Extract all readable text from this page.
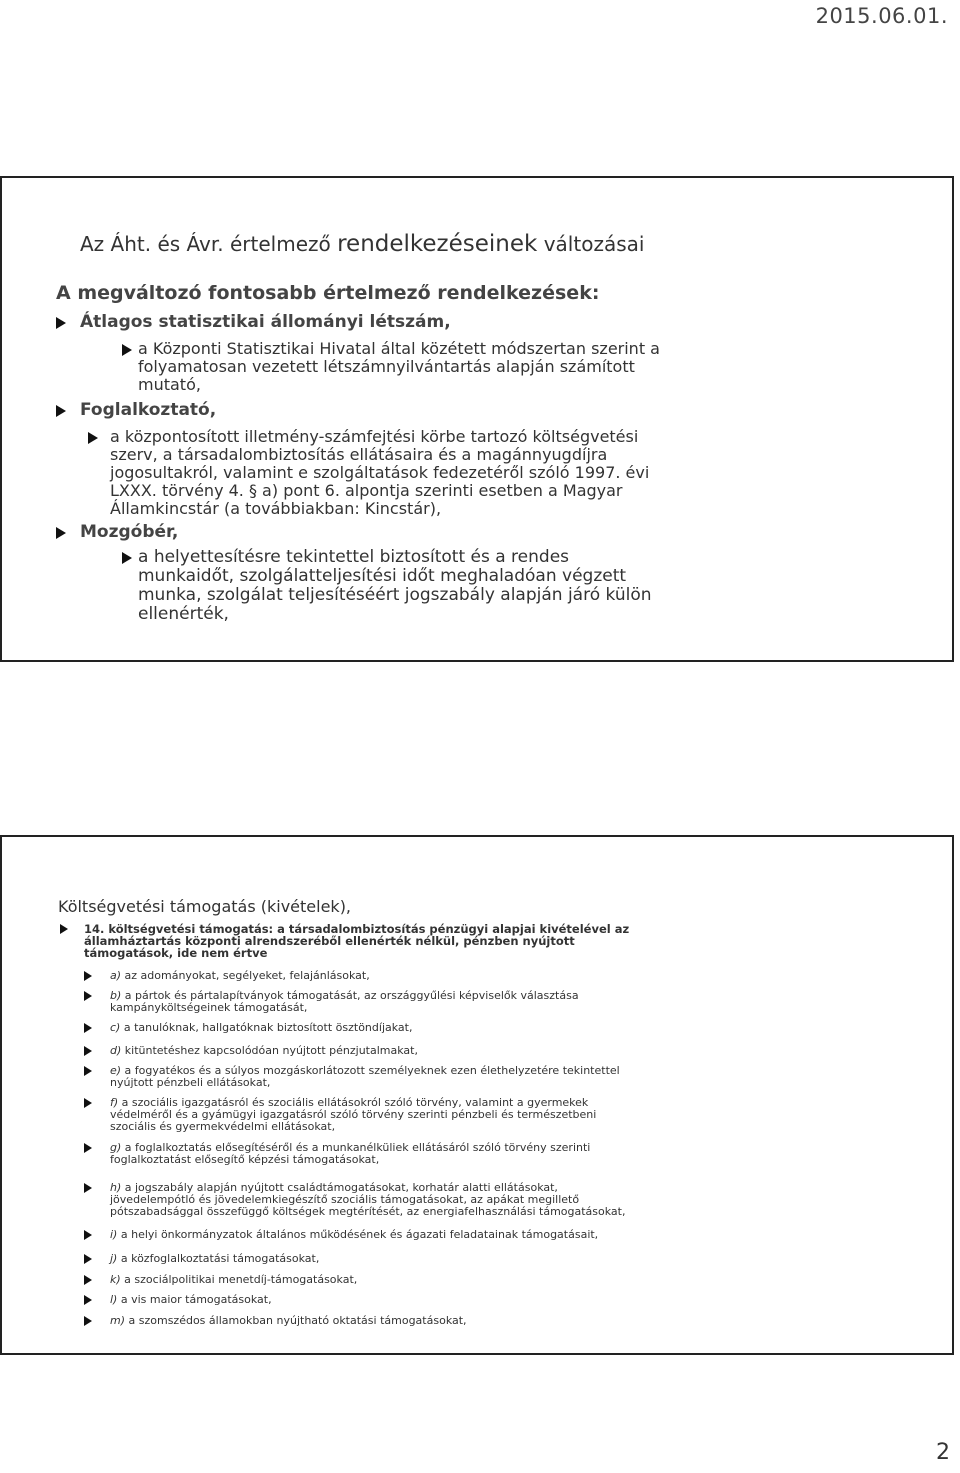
2015.06.01.
Az Áht. és Ávr. értelmező rendelkezéseinek változásai
A megváltozó fontosabb értelmező rendelkezések:
Átlagos statisztikai állományi létszám,
a Központi Statisztikai Hivatal által közétett módszertan szerint a folyamatosan vezetett létszámnyilvántartás alapján számított mutató,
Foglalkoztató,
a központosított illetmény-számfejtési körbe tartozó költségvetési szerv, a társadalombiztosítás ellátásaira és a magánnyugdíjra jogosultakról, valamint e szolgáltatások fedezetéről szóló 1997. évi LXXX. törvény 4. § a) pont 6. alpontja szerinti esetben a Magyar Államkincstár (a továbbiakban: Kincstár),
Mozgóbér,
a helyettesítésre tekintettel biztosított és a rendes munkaidőt, szolgálatteljesítési időt meghaladóan végzett munka, szolgálat teljesítéséért jogszabály alapján járó külön ellenérték,
Költségvetési támogatás (kivételek),
14. költségvetési támogatás: a társadalombiztosítás pénzügyi alapjai kivételével az államháztartás központi alrendszeréből ellenérték nélkül, pénzben nyújtott támogatások, ide nem értve
a) az adományokat, segélyeket, felajánlásokat,
b) a pártok és pártalapítványok támogatását, az országgyűlési képviselők választása kampányköltségeinek támogatását,
c) a tanulóknak, hallgatóknak biztosított ösztöndíjakat,
d) kitüntetéshez kapcsolódóan nyújtott pénzjutalmakat,
e) a fogyatékos és a súlyos mozgáskorlátozott személyeknek ezen élethelyzetére tekintettel nyújtott pénzbeli ellátásokat,
f) a szociális igazgatásról és szociális ellátásokról szóló törvény, valamint a gyermekek védelméről és a gyámügyi igazgatásról szóló törvény szerinti pénzbeli és természetbeni szociális és gyermekvédelmi ellátásokat,
g) a foglalkoztatás elősegítéséről és a munkanélküliek ellátásáról szóló törvény szerinti foglalkoztatást elősegítő képzési támogatásokat,
h) a jogszabály alapján nyújtott családtámogatásokat, korhatár alatti ellátásokat, jövedelempótló és jövedelemkiegészítő szociális támogatásokat, az apákat megillető pótszabadsággal összefüggő költségek megtérítését, az energiafelhasználási támogatásokat,
i) a helyi önkormányzatok általános működésének és ágazati feladatainak támogatásait,
j) a közfoglalkoztatási támogatásokat,
k) a szociálpolitikai menetdíj-támogatásokat,
l) a vis maior támogatásokat,
m) a szomszédos államokban nyújtható oktatási támogatásokat,
2
